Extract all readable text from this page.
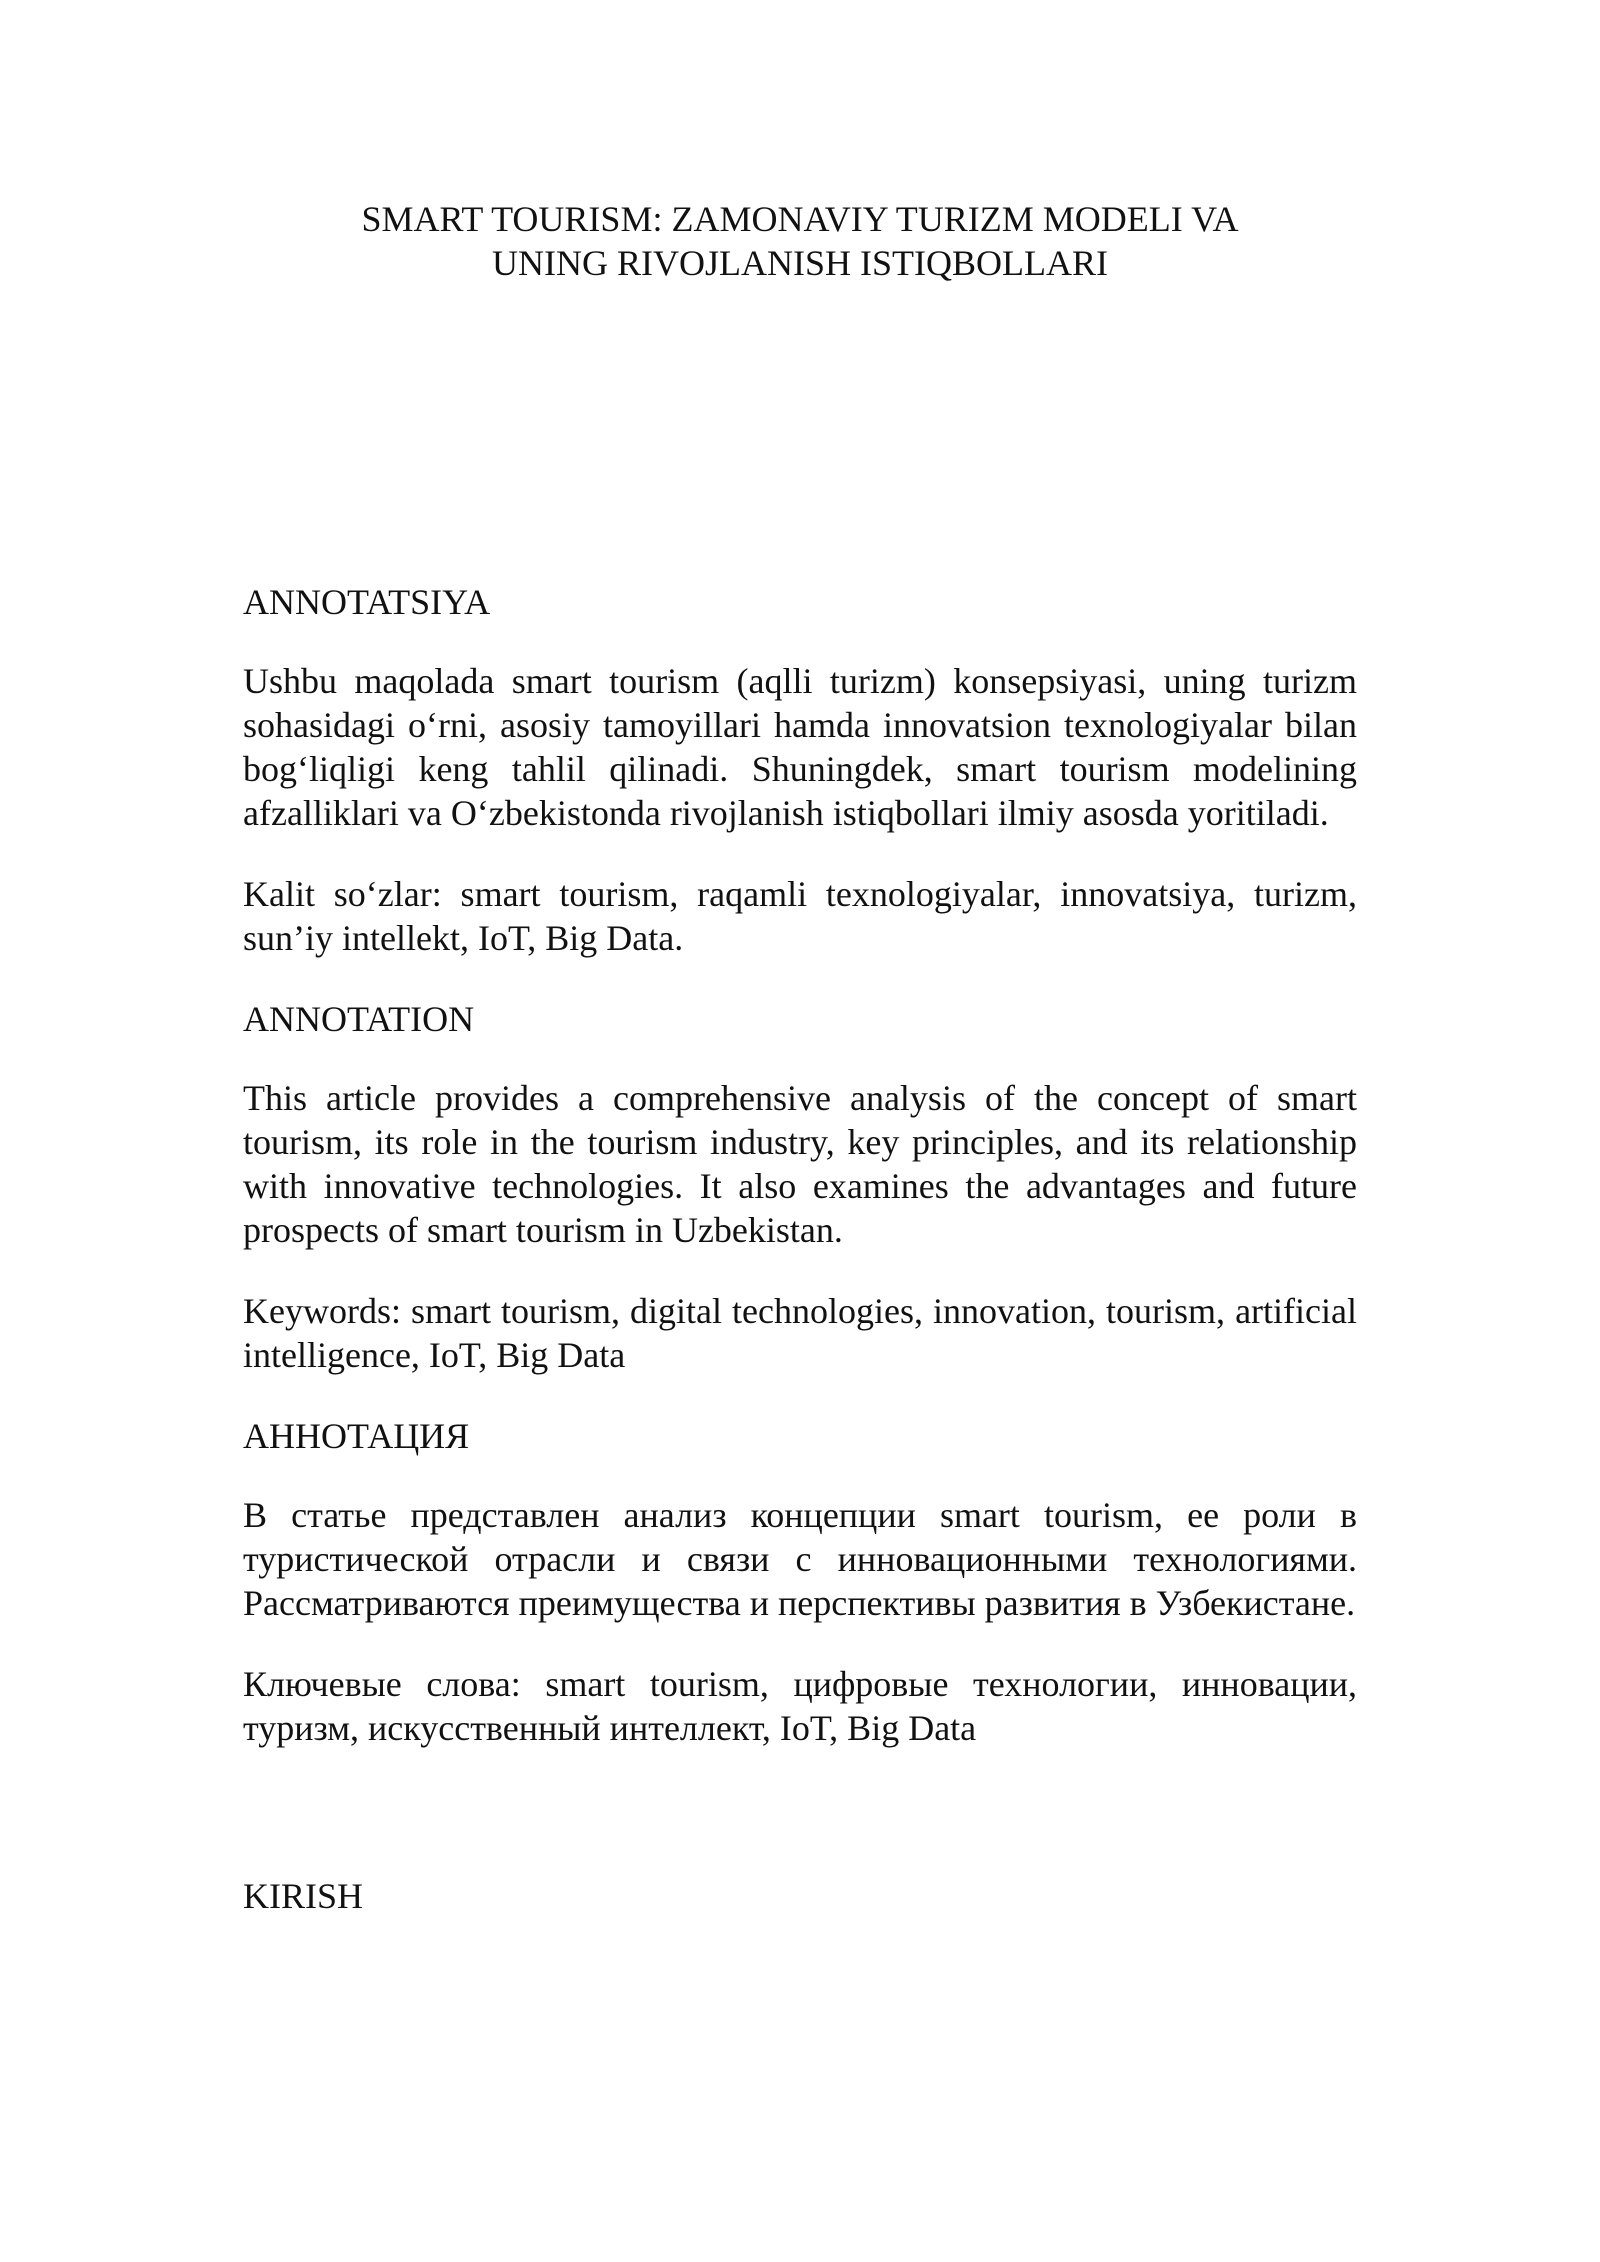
SMART TOURISM: ZAMONAVIY TURIZM MODELI VA
UNING RIVOJLANISH ISTIQBOLLARI
ANNOTATSIYA

Ushbu maqolada smart tourism (aqlli turizm) konsepsiyasi, uning turizm sohasidagi o‘rni, asosiy tamoyillari hamda innovatsion texnologiyalar bilan bog‘liqligi keng tahlil qilinadi. Shuningdek, smart tourism modelining afzalliklari va O‘zbekistonda rivojlanish istiqbollari ilmiy asosda yoritiladi.

Kalit so‘zlar: smart tourism, raqamli texnologiyalar, innovatsiya, turizm, sun’iy intellekt, IoT, Big Data.

ANNOTATION

This article provides a comprehensive analysis of the concept of smart tourism, its role in the tourism industry, key principles, and its relationship with innovative technologies. It also examines the advantages and future prospects of smart tourism in Uzbekistan.

Keywords: smart tourism, digital technologies, innovation, tourism, artificial intelligence, IoT, Big Data

АННОТАЦИЯ

В статье представлен анализ концепции smart tourism, ее роли в туристической отрасли и связи с инновационными технологиями. Рассматриваются преимущества и перспективы развития в Узбекистане.

Ключевые слова: smart tourism, цифровые технологии, инновации, туризм, искусственный интеллект, IoT, Big Data

KIRISH
